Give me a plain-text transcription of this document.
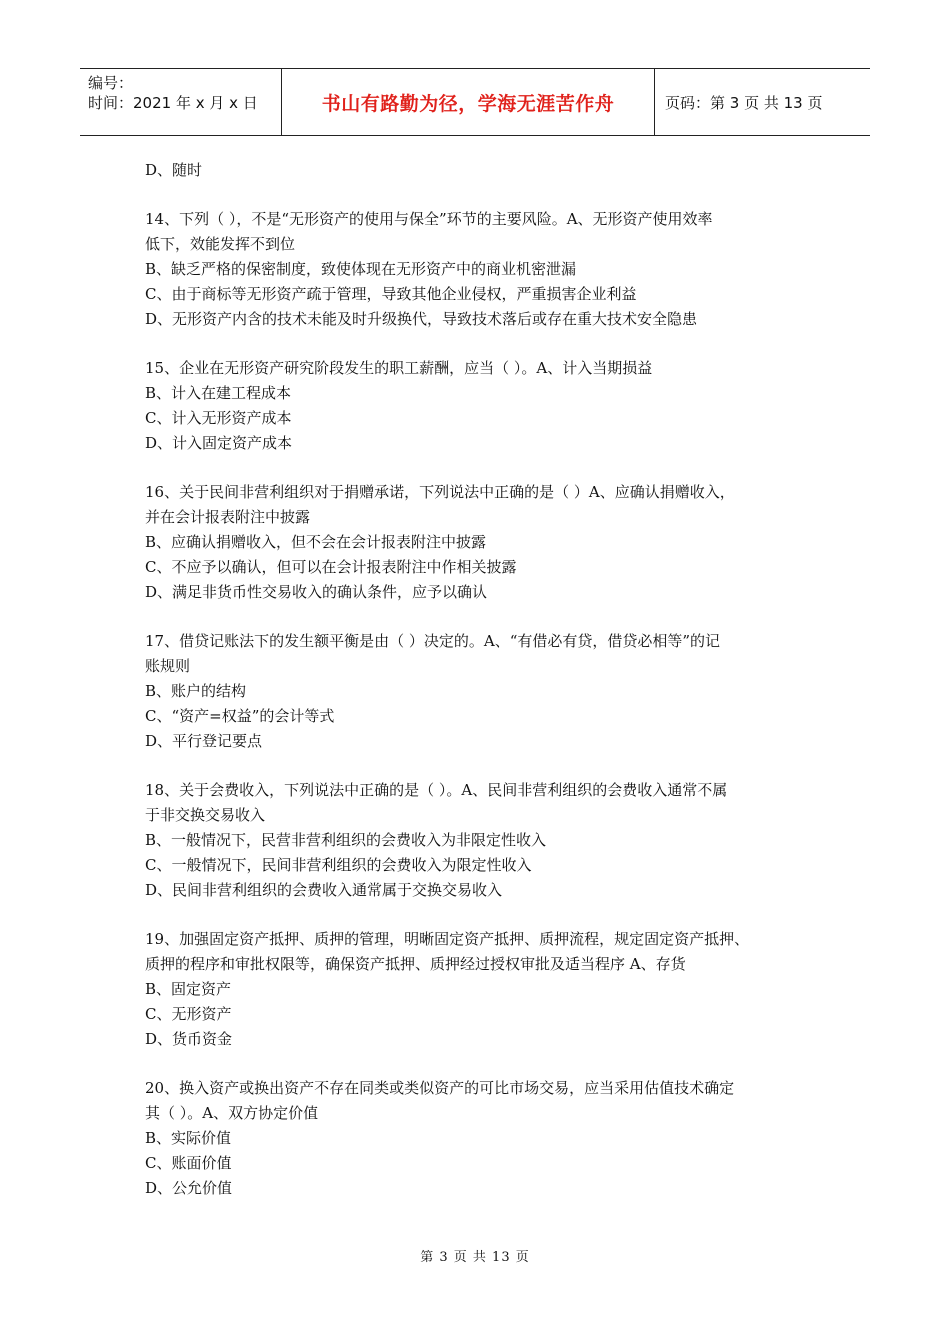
编号：
时间：2021 年 x 月 x 日	书山有路勤为径，学海无涯苦作舟	页码：第 3 页 共 13 页

D、随时

14、下列（ ），不是“无形资产的使用与保全”环节的主要风险。A、无形资产使用效率

低下，效能发挥不到位

B、缺乏严格的保密制度，致使体现在无形资产中的商业机密泄漏

C、由于商标等无形资产疏于管理，导致其他企业侵权，严重损害企业利益

D、无形资产内含的技术未能及时升级换代，导致技术落后或存在重大技术安全隐患

15、企业在无形资产研究阶段发生的职工薪酬，应当（ ）。A、计入当期损益

B、计入在建工程成本

C、计入无形资产成本

D、计入固定资产成本

16、关于民间非营利组织对于捐赠承诺，下列说法中正确的是（ ）A、应确认捐赠收入，

并在会计报表附注中披露

B、应确认捐赠收入，但不会在会计报表附注中披露

C、不应予以确认，但可以在会计报表附注中作相关披露

D、满足非货币性交易收入的确认条件，应予以确认

17、借贷记账法下的发生额平衡是由（ ）决定的。A、“有借必有贷，借贷必相等”的记

账规则

B、账户的结构

C、“资产=权益”的会计等式

D、平行登记要点

18、关于会费收入，下列说法中正确的是（ ）。A、民间非营利组织的会费收入通常不属

于非交换交易收入

B、一般情况下，民营非营利组织的会费收入为非限定性收入

C、一般情况下，民间非营利组织的会费收入为限定性收入

D、民间非营利组织的会费收入通常属于交换交易收入

19、加强固定资产抵押、质押的管理，明晰固定资产抵押、质押流程，规定固定资产抵押、

质押的程序和审批权限等，确保资产抵押、质押经过授权审批及适当程序 A、存货

B、固定资产

C、无形资产

D、货币资金

20、换入资产或换出资产不存在同类或类似资产的可比市场交易，应当采用估值技术确定

其（ ）。A、双方协定价值

B、实际价值

C、账面价值

D、公允价值

第 3 页 共 13 页
